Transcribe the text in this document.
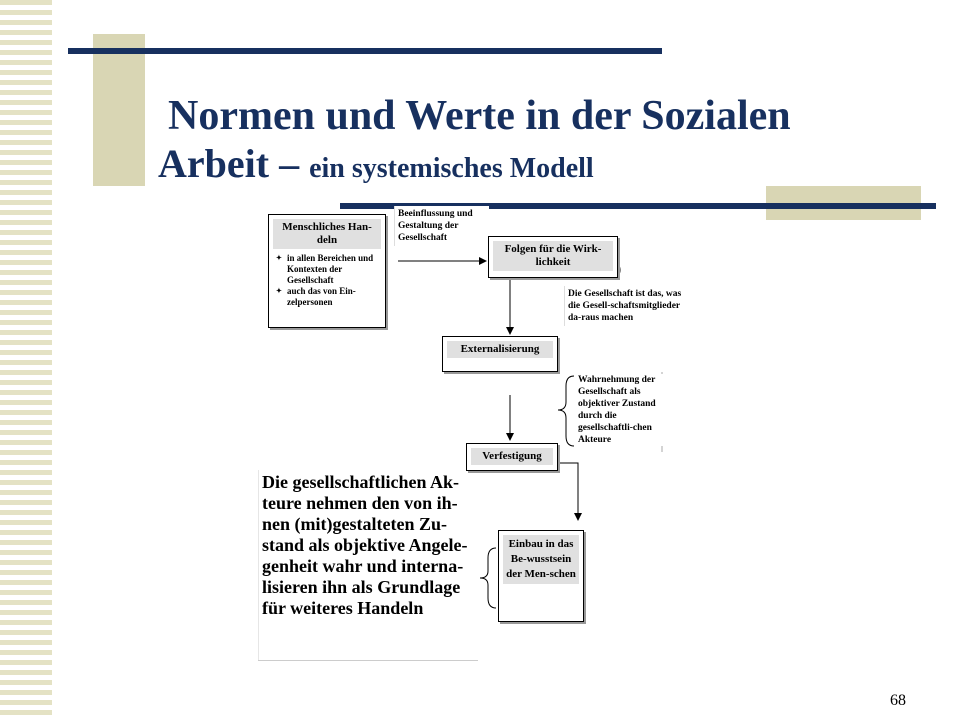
Normen und Werte in der Sozialen
Arbeit – ein systemisches Modell
Menschliches Han-deln
✦ in allen Bereichen und Kontexten der Gesellschaft
✦ auch das von Ein-zelpersonen
Beeinflussung und Gestaltung der Gesellschaft
Folgen für die Wirk-lichkeit
Die Gesellschaft ist das, was die Gesell-schaftsmitglieder da-raus machen
Externalisierung
Wahrnehmung der Gesellschaft als objektiver Zustand durch die gesellschaftli-chen Akteure
Verfestigung
Die gesellschaftlichen Ak-teure nehmen den von ih-nen (mit)gestalteten Zu-stand als objektive Angele-genheit wahr und interna-lisieren ihn als Grundlage für weiteres Handeln
Einbau in das Be-wusstsein der Men-schen
68
